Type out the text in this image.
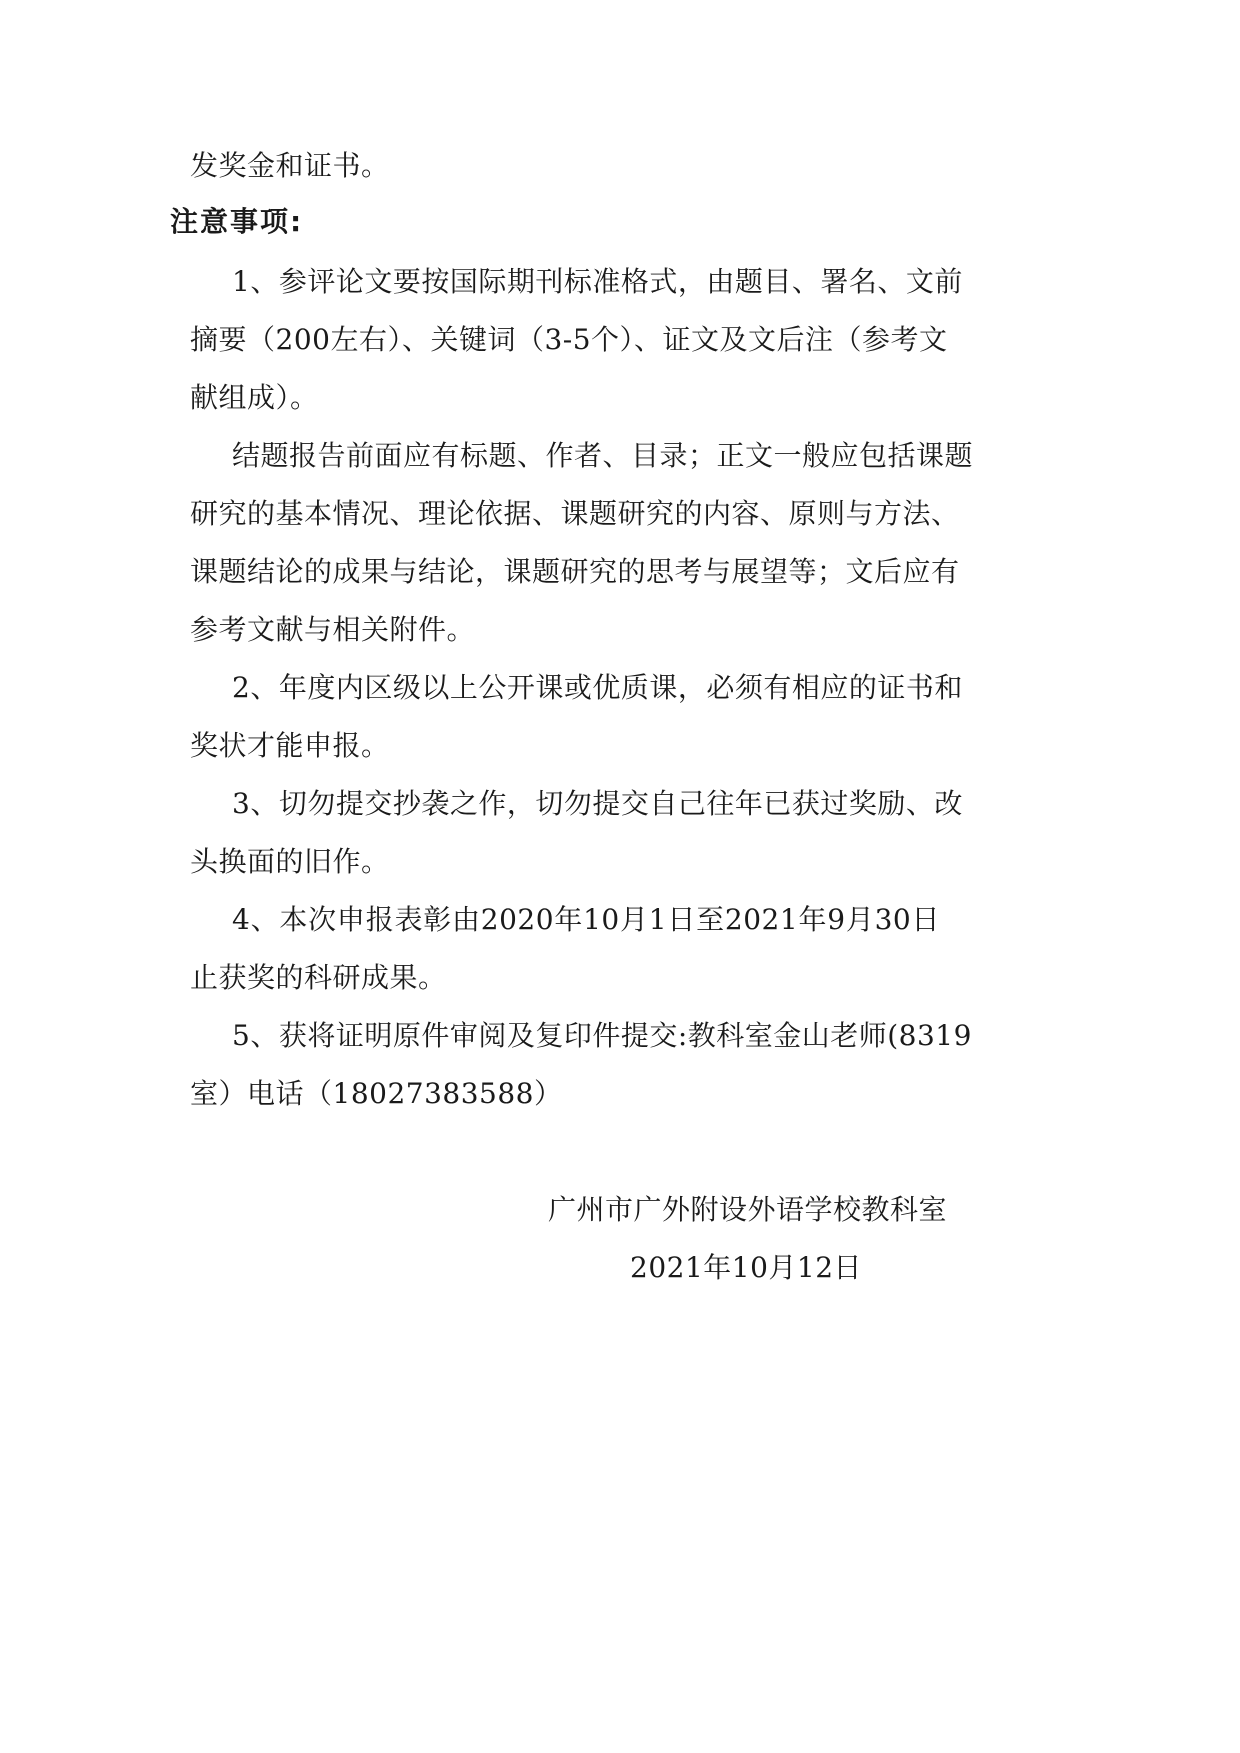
发奖金和证书。
注意事项:
1、参评论文要按国际期刊标准格式，由题目、署名、文前
摘要（200左右）、关键词（3-5个）、证文及文后注（参考文
献组成）。
结题报告前面应有标题、作者、目录；正文一般应包括课题
研究的基本情况、理论依据、课题研究的内容、原则与方法、
课题结论的成果与结论，课题研究的思考与展望等；文后应有
参考文献与相关附件。
2、年度内区级以上公开课或优质课，必须有相应的证书和
奖状才能申报。
3、切勿提交抄袭之作，切勿提交自己往年已获过奖励、改
头换面的旧作。
4、本次申报表彰由2020年10月1日至2021年9月30日
止获奖的科研成果。
5、获将证明原件审阅及复印件提交:教科室金山老师(8319
室）电话（18027383588）
广州市广外附设外语学校教科室
2021年10月12日
